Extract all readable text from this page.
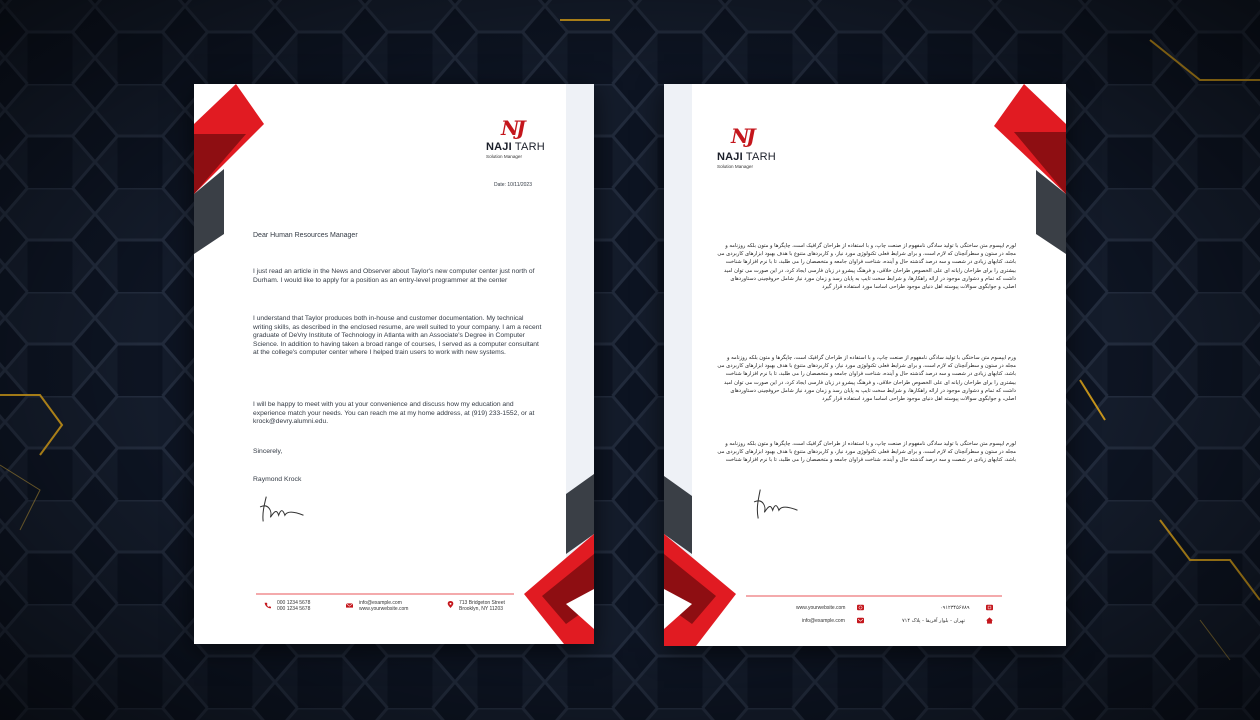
NJ
NAJI TARH
Solution Manager
Date: 10/11/2023
Dear Human Resources Manager
I just read an article in the News and Observer about Taylor's new computer center just north of Durham. I would like to apply for a position as an entry-level programmer at the center
I understand that Taylor produces both in-house and customer documentation. My technical writing skills, as described in the enclosed resume, are well suited to your company. I am a recent graduate of DeVry Institute of Technology in Atlanta with an Associate's Degree in Computer Science. In addition to having taken a broad range of courses, I served as a computer consultant at the college's computer center where I helped train users to work with new systems.
I will be happy to meet with you at your convenience and discuss how my education and experience match your needs. You can reach me at my home address, at (919) 233-1552, or at krock@devry.alumni.edu.
Sincerely,
Raymond Krock
000 1234 5678
000 1234 5678
info@example.com
www.yourwebsite.com
713 Bridgeton Street
Brooklyn, NY 11203
NJ
NAJI TARH
Solution Manager
لورم ایپسوم متن ساختگی با تولید سادگی نامفهوم از صنعت چاپ، و با استفاده از طراحان گرافیک است، چاپگرها و متون بلکه روزنامه و مجله در ستون و سطرآنچنان که لازم است، و برای شرایط فعلی تکنولوژی مورد نیاز، و کاربردهای متنوع با هدف بهبود ابزارهای کاربردی می باشد، کتابهای زیادی در شصت و سه درصد گذشته حال و آینده، شناخت فراوان جامعه و متخصصان را می طلبد، تا با نرم افزارها شناخت بیشتری را برای طراحان رایانه ای علی الخصوص طراحان خلاقی، و فرهنگ پیشرو در زبان فارسی ایجاد کرد، در این صورت می توان امید داشت که تمام و دشواری موجود در ارائه راهکارها، و شرایط سخت تایپ به پایان رسد و زمان مورد نیاز شامل حروفچینی دستاوردهای اصلی، و جوابگوی سوالات پیوسته اهل دنیای موجود طراحی اساسا مورد استفاده قرار گیرد
ورم ایپسوم متن ساختگی با تولید سادگی نامفهوم از صنعت چاپ، و با استفاده از طراحان گرافیک است، چاپگرها و متون بلکه روزنامه و مجله در ستون و سطرآنچنان که لازم است، و برای شرایط فعلی تکنولوژی مورد نیاز، و کاربردهای متنوع با هدف بهبود ابزارهای کاربردی می باشد، کتابهای زیادی در شصت و سه درصد گذشته حال و آینده، شناخت فراوان جامعه و متخصصان را می طلبد، تا با نرم افزارها شناخت بیشتری را برای طراحان رایانه ای علی الخصوص طراحان خلاقی، و فرهنگ پیشرو در زبان فارسی ایجاد کرد، در این صورت می توان امید داشت که تمام و دشواری موجود در ارائه راهکارها، و شرایط سخت تایپ به پایان رسد و زمان مورد نیاز شامل حروفچینی دستاوردهای اصلی، و جوابگوی سوالات پیوسته اهل دنیای موجود طراحی اساسا مورد استفاده قرار گیرد
لورم ایپسوم متن ساختگی با تولید سادگی نامفهوم از صنعت چاپ، و با استفاده از طراحان گرافیک است، چاپگرها و متون بلکه روزنامه و مجله در ستون و سطرآنچنان که لازم است، و برای شرایط فعلی تکنولوژی مورد نیاز، و کاربردهای متنوع با هدف بهبود ابزارهای کاربردی می باشد، کتابهای زیادی در شصت و سه درصد گذشته حال و آینده، شناخت فراوان جامعه و متخصصان را می طلبد، تا با نرم افزارها شناخت
www.yourwebsite.com
info@example.com
۰۹۱۲۳۴۵۶۷۸۹
تهران - بلوار آفریقا - پلاک ۷۱۴
